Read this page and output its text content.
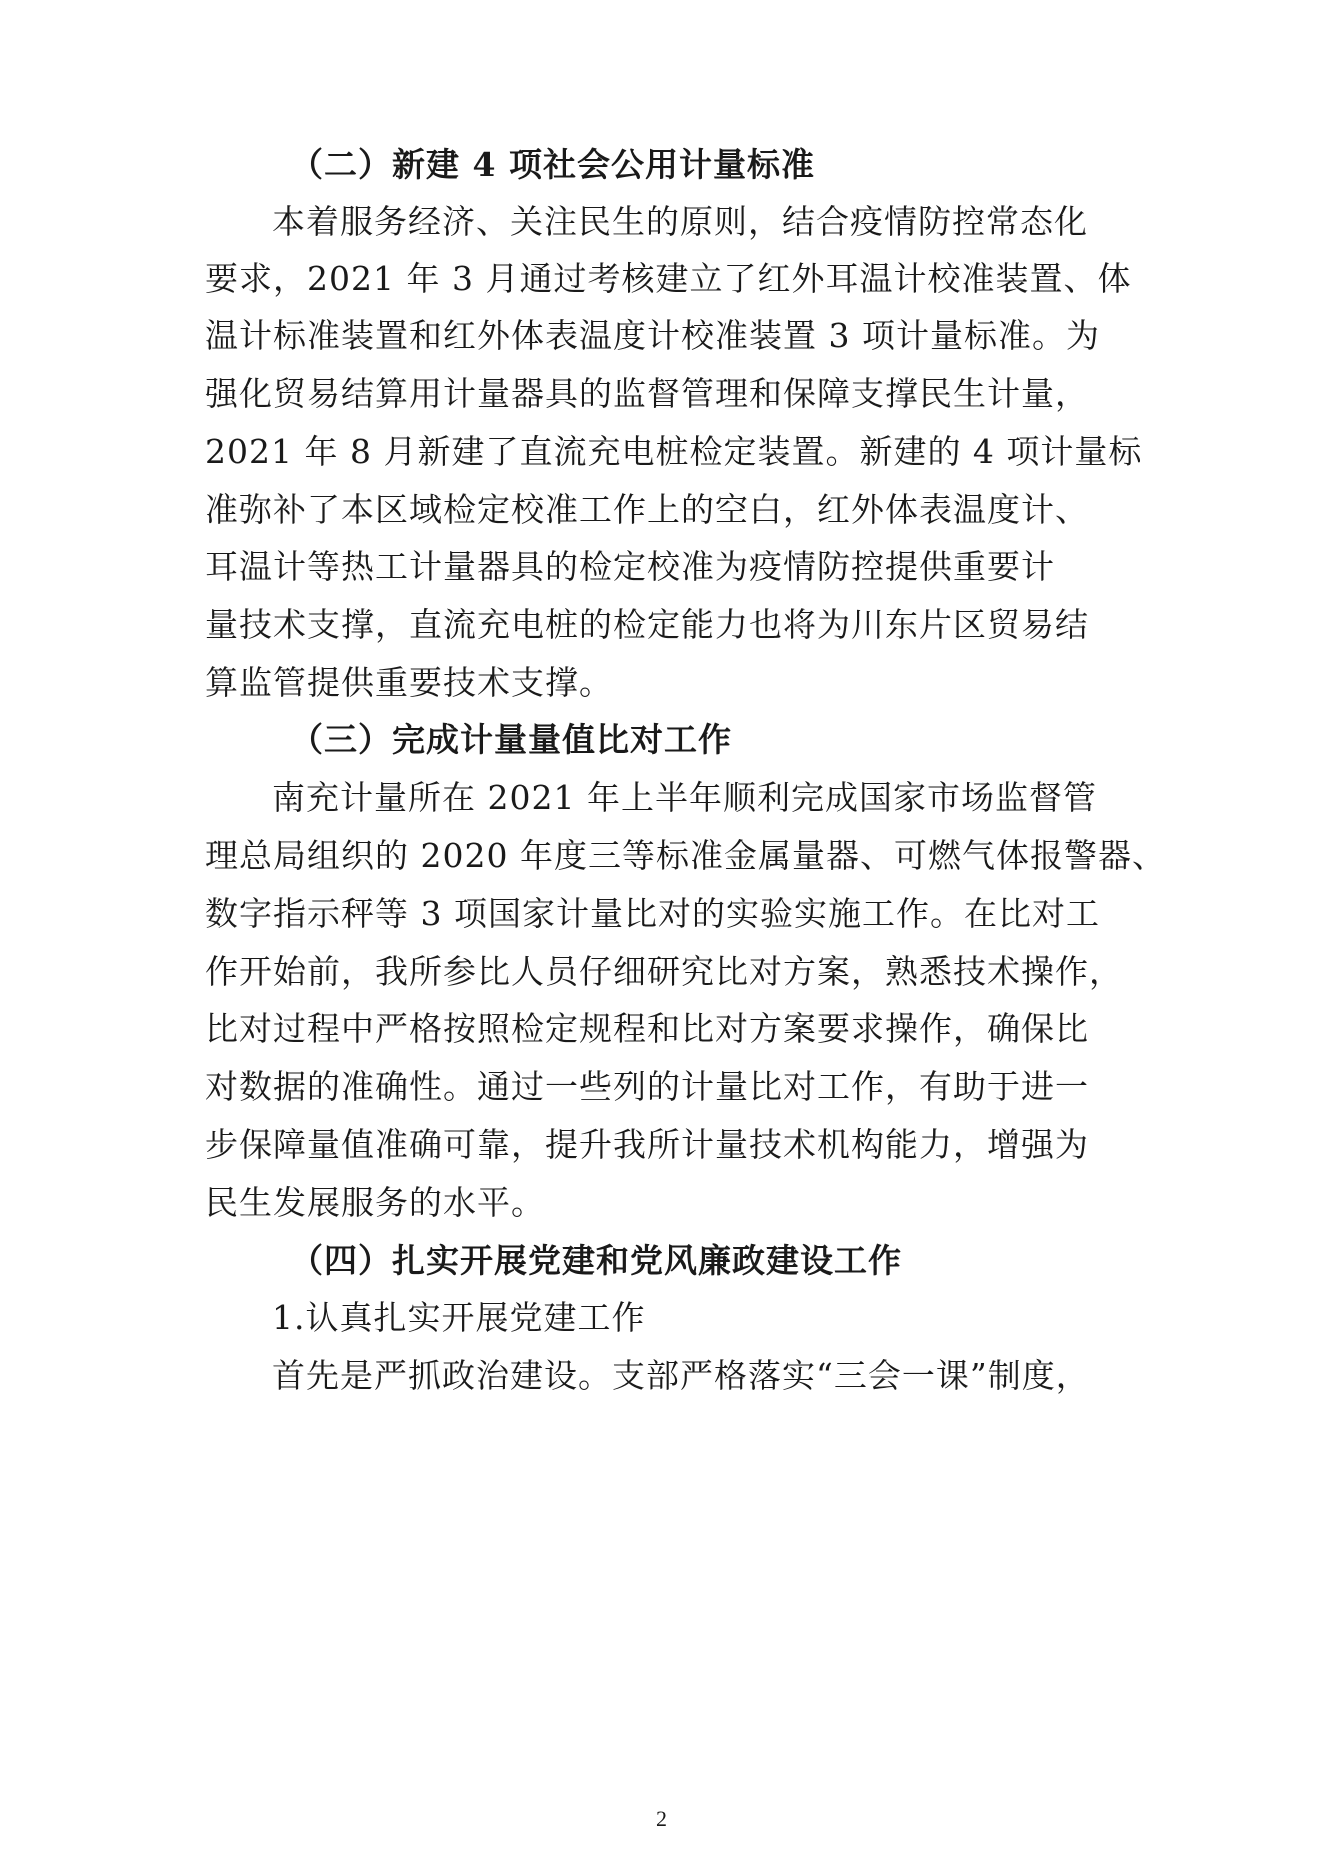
（二）新建 4 项社会公用计量标准
本着服务经济、关注民生的原则，结合疫情防控常态化
要求，2021 年 3 月通过考核建立了红外耳温计校准装置、体
温计标准装置和红外体表温度计校准装置 3 项计量标准。为
强化贸易结算用计量器具的监督管理和保障支撑民生计量，
2021 年 8 月新建了直流充电桩检定装置。新建的 4 项计量标
准弥补了本区域检定校准工作上的空白，红外体表温度计、
耳温计等热工计量器具的检定校准为疫情防控提供重要计
量技术支撑，直流充电桩的检定能力也将为川东片区贸易结
算监管提供重要技术支撑。
（三）完成计量量值比对工作
南充计量所在 2021 年上半年顺利完成国家市场监督管
理总局组织的 2020 年度三等标准金属量器、可燃气体报警器、
数字指示秤等 3 项国家计量比对的实验实施工作。在比对工
作开始前，我所参比人员仔细研究比对方案，熟悉技术操作，
比对过程中严格按照检定规程和比对方案要求操作，确保比
对数据的准确性。通过一些列的计量比对工作，有助于进一
步保障量值准确可靠，提升我所计量技术机构能力，增强为
民生发展服务的水平。
（四）扎实开展党建和党风廉政建设工作
1.认真扎实开展党建工作
首先是严抓政治建设。支部严格落实“三会一课”制度，
2
